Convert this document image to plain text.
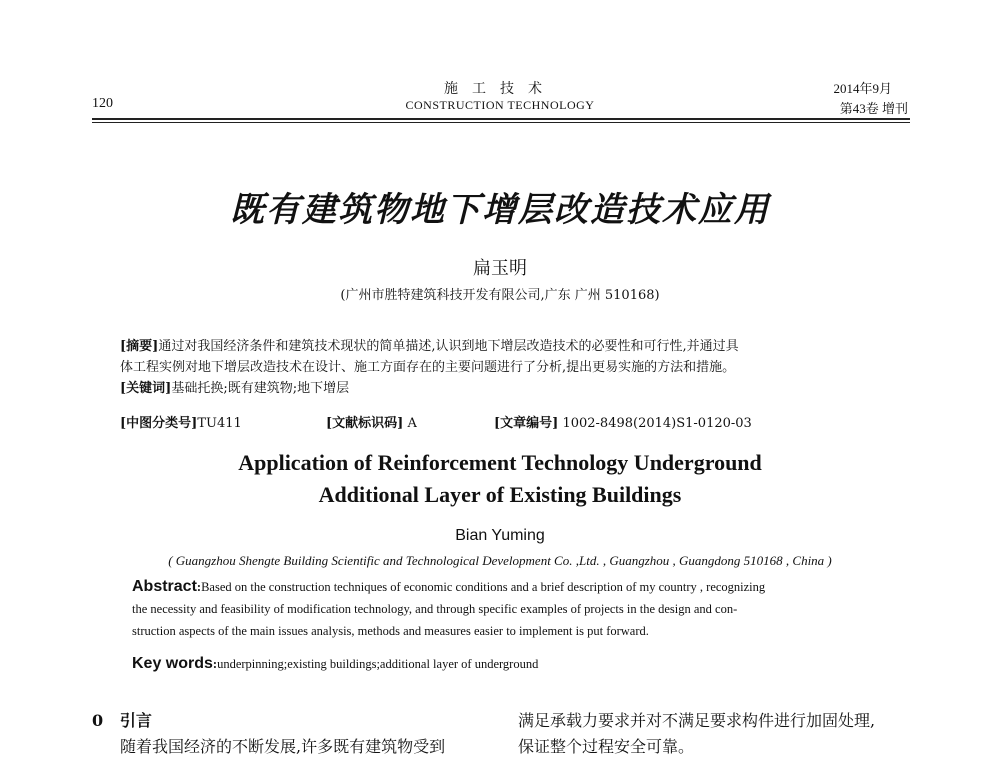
120
施工技术
CONSTRUCTION TECHNOLOGY
2014年9月
第43卷 增刊
既有建筑物地下增层改造技术应用
扁玉明
(广州市胜特建筑科技开发有限公司,广东 广州 510168)
[摘要]通过对我国经济条件和建筑技术现状的简单描述,认识到地下增层改造技术的必要性和可行性,并通过具
体工程实例对地下增层改造技术在设计、施工方面存在的主要问题进行了分析,提出更易实施的方法和措施。
[关键词]基础托换;既有建筑物;地下增层
[中图分类号]TU411	[文献标识码] A	[文章编号] 1002-8498(2014)S1-0120-03
Application of Reinforcement Technology Underground
Additional Layer of Existing Buildings
Bian Yuming
( Guangzhou Shengte Building Scientific and Technological Development Co. ,Ltd. , Guangzhou , Guangdong 510168 , China )
Abstract:Based on the construction techniques of economic conditions and a brief description of my country , recognizing
the necessity and feasibility of modification technology, and through specific examples of projects in the design and con-
struction aspects of the main issues analysis, methods and measures easier to implement is put forward.
Key words:underpinning;existing buildings;additional layer of underground
0 引言
随着我国经济的不断发展,许多既有建筑物受到
满足承载力要求并对不满足要求构件进行加固处理,
保证整个过程安全可靠。
